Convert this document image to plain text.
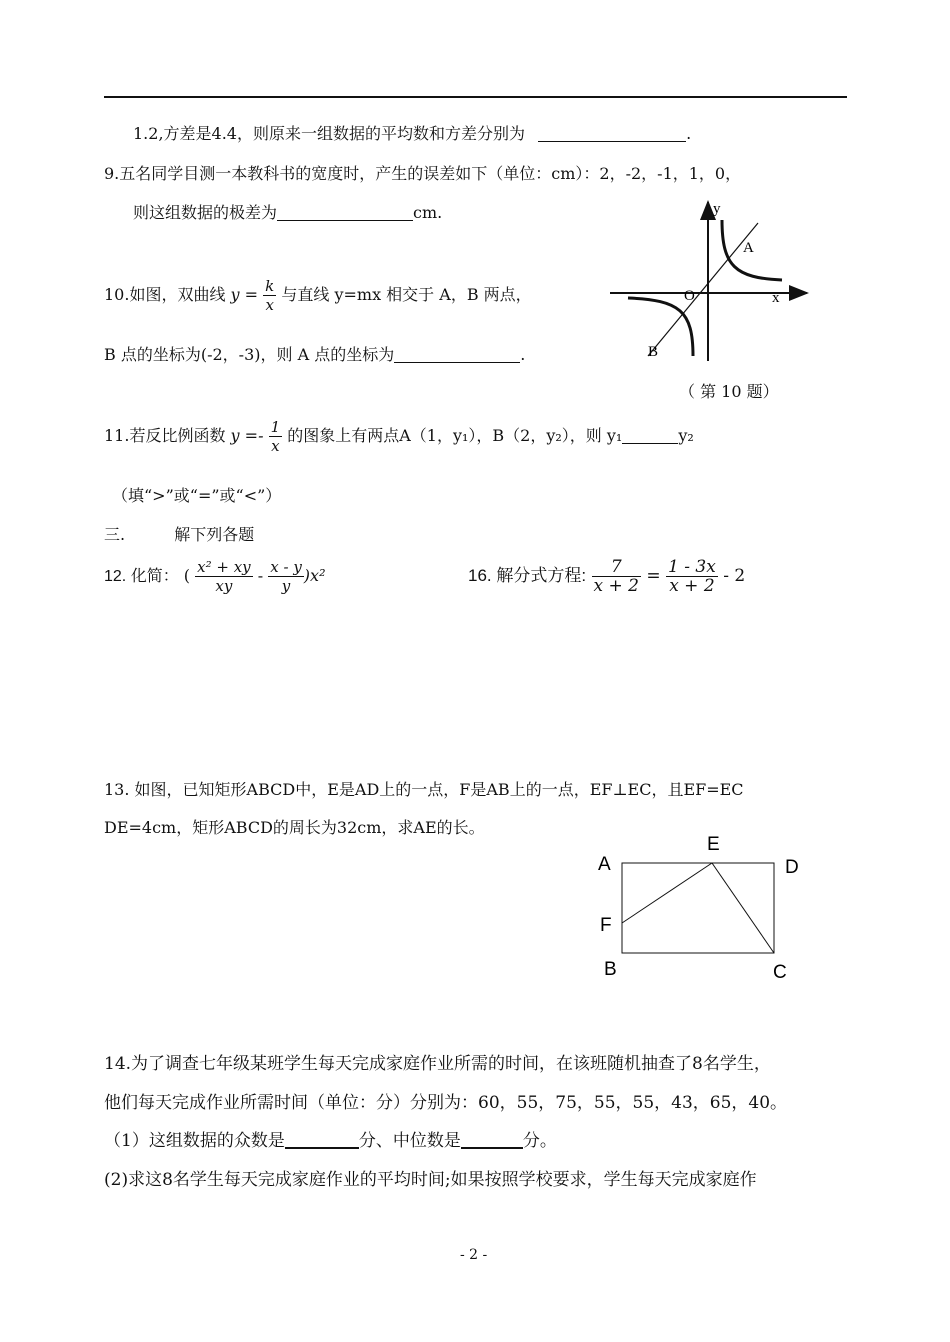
1.2,方差是4.4，则原来一组数据的平均数和方差分别为	.
9.五名同学目测一本教科书的宽度时，产生的误差如下（单位：cm）：2，-2，-1，1，0，
则这组数据的极差为	cm.
10.如图，双曲线 $y = \frac{k}{x}$ 与直线 y=mx 相交于 A，B 两点，
B 点的坐标为(-2，-3)，则 A 点的坐标为	.
y
x
O
A
B
（ 第 10 题）
11.若反比例函数 $y =- \frac{1}{x}$ 的图象上有两点A（1，y₁），B（2，y₂），则 y₁	y₂
（填“>”或“=”或“<”）
三.	解下列各题
12. 化简： ( $\frac{\text{x² + xy}}{xy} - \frac{x - y}{y} )x^2$	16. 解分式方程: $\frac{7}{x + 2} = \frac{1 - 3x}{x + 2} - 2$
13. 如图，已知矩形ABCD中，E是AD上的一点，F是AB上的一点，EF⊥EC，且EF=EC
DE=4cm，矩形ABCD的周长为32cm，求AE的长。
A
B	C
D
E
F
14.为了调查七年级某班学生每天完成家庭作业所需的时间，在该班随机抽查了8名学生，
他们每天完成作业所需时间（单位：分）分别为：60，55，75，55，55，43，65，40。
（1）这组数据的众数是	分、中位数是	分。
(2)求这8名学生每天完成家庭作业的平均时间;如果按照学校要求，学生每天完成家庭作
- 2 -
